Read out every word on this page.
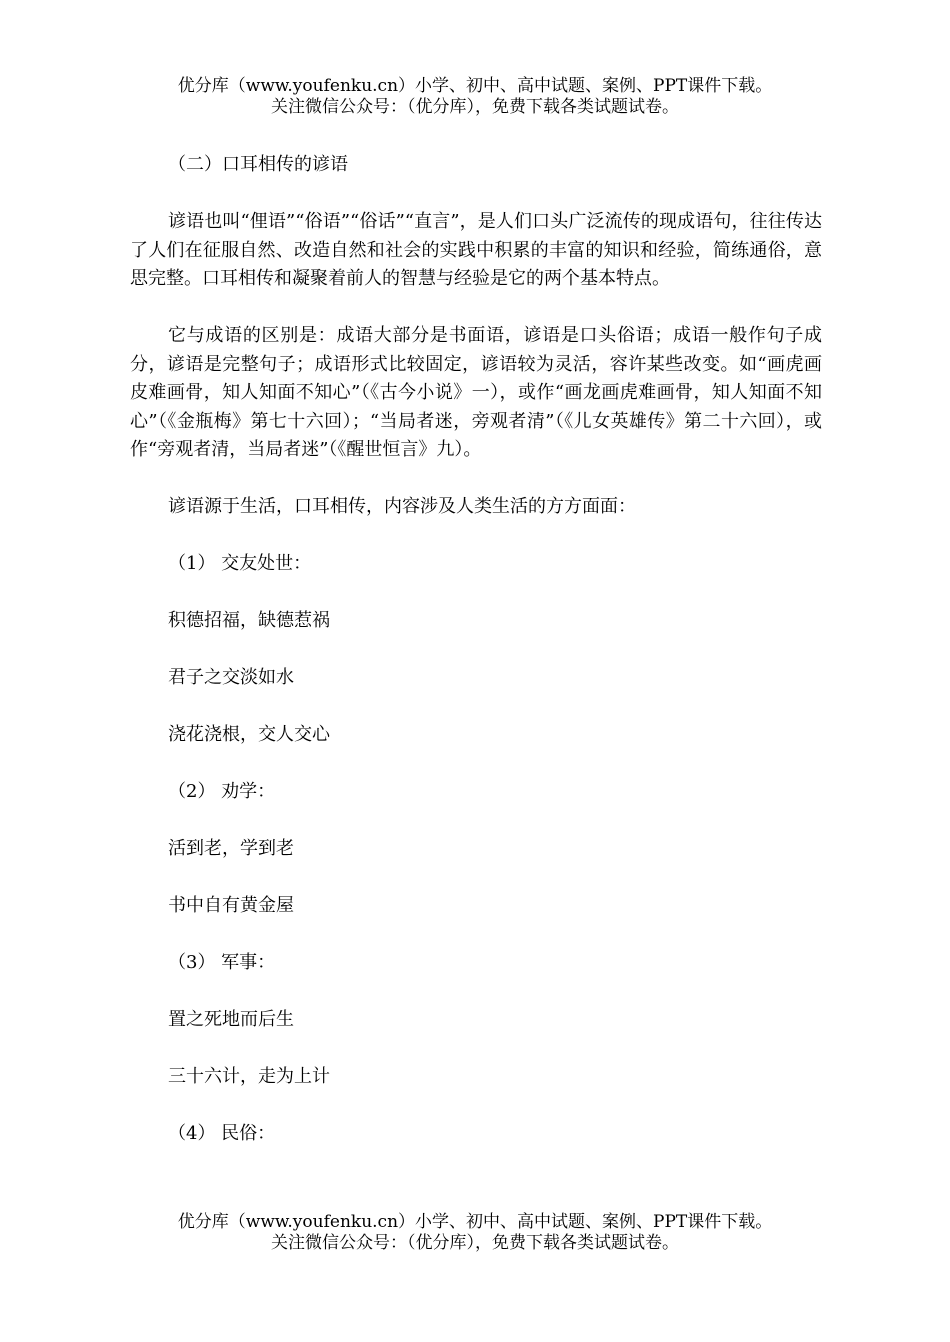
优分库（www.youfenku.cn）小学、初中、高中试题、案例、PPT课件下载。
关注微信公众号：（优分库），免费下载各类试题试卷。

（二）口耳相传的谚语

谚语也叫“俚语”“俗语”“俗话”“直言”，是人们口头广泛流传的现成语句，往往传达了人们在征服自然、改造自然和社会的实践中积累的丰富的知识和经验，简练通俗，意思完整。口耳相传和凝聚着前人的智慧与经验是它的两个基本特点。

它与成语的区别是：成语大部分是书面语，谚语是口头俗语；成语一般作句子成分，谚语是完整句子；成语形式比较固定，谚语较为灵活，容许某些改变。如“画虎画皮难画骨，知人知面不知心”（《古今小说》一），或作“画龙画虎难画骨，知人知面不知心”（《金瓶梅》第七十六回）；“当局者迷，旁观者清”（《儿女英雄传》第二十六回），或作“旁观者清，当局者迷”（《醒世恒言》九）。

谚语源于生活，口耳相传，内容涉及人类生活的方方面面：

（1） 交友处世：

积德招福，缺德惹祸

君子之交淡如水

浇花浇根，交人交心

（2） 劝学：

活到老，学到老

书中自有黄金屋

（3） 军事：

置之死地而后生

三十六计，走为上计

（4） 民俗：

优分库（www.youfenku.cn）小学、初中、高中试题、案例、PPT课件下载。
关注微信公众号：（优分库），免费下载各类试题试卷。
